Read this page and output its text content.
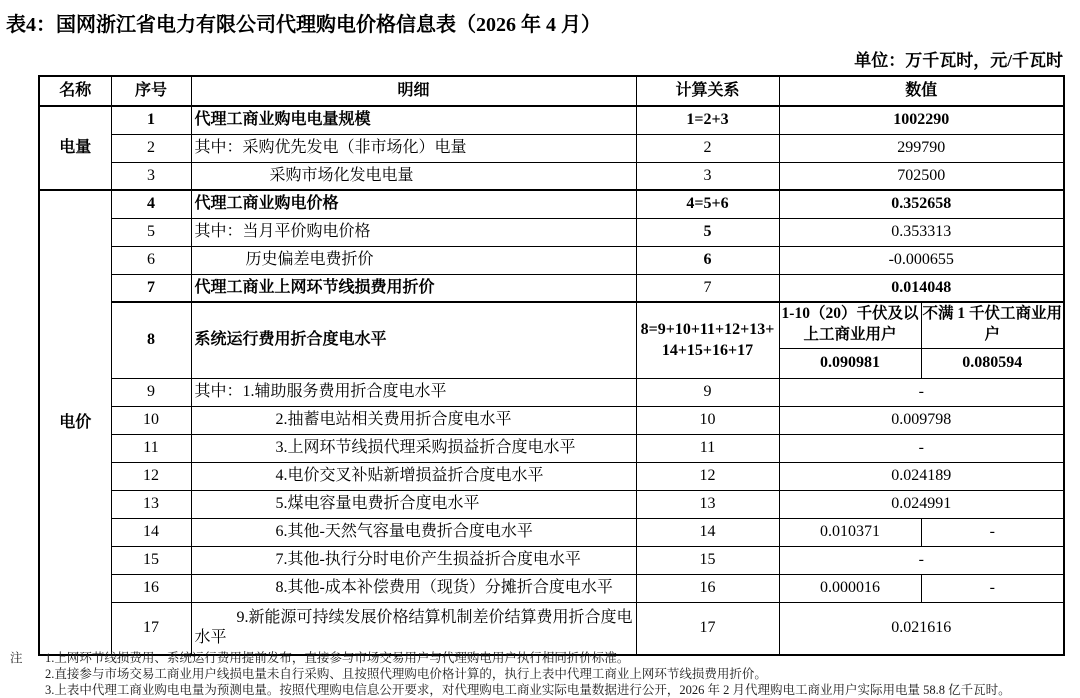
表4：国网浙江省电力有限公司代理购电价格信息表（2026 年 4 月）
单位：万千瓦时，元/千瓦时
名称	序号	明细	计算关系	数值	
电量	1	代理工商业购电电量规模	1=2+3	1002290	
	2	其中：采购优先发电（非市场化）电量	2	299790	
	3	采购市场化发电电量	3	702500	
电价	4	代理工商业购电价格	4=5+6	0.352658	
	5	其中：当月平价购电价格	5	0.353313	
	6	历史偏差电费折价	6	-0.000655	
	7	代理工商业上网环节线损费用折价	7	0.014048	
	8	系统运行费用折合度电水平	8=9+10+11+12+13+14+15+16+17	1-10（20）千伏及以上工商业用户	不满 1 千伏工商业用户
				0.090981	0.080594
	9	其中：1.辅助服务费用折合度电水平	9	-	
	10	2.抽蓄电站相关费用折合度电水平	10	0.009798	
	11	3.上网环节线损代理采购损益折合度电水平	11	-	
	12	4.电价交叉补贴新增损益折合度电水平	12	0.024189	
	13	5.煤电容量电费折合度电水平	13	0.024991	
	14	6.其他-天然气容量电费折合度电水平	14	0.010371	-
	15	7.其他-执行分时电价产生损益折合度电水平	15	-	
	16	8.其他-成本补偿费用（现货）分摊折合度电水平	16	0.000016	-
	17	9.新能源可持续发展价格结算机制差价结算费用折合度电水平	17	0.021616	
注	1.上网环节线损费用、系统运行费用提前发布，直接参与市场交易用户与代理购电用户执行相同折价标准。
2.直接参与市场交易工商业用户线损电量未自行采购、且按照代理购电价格计算的，执行上表中代理工商业上网环节线损费用折价。
3.上表中代理工商业购电电量为预测电量。按照代理购电信息公开要求，对代理购电工商业实际电量数据进行公开，2026 年 2 月代理购电工商业用户实际用电量 58.8 亿千瓦时。
